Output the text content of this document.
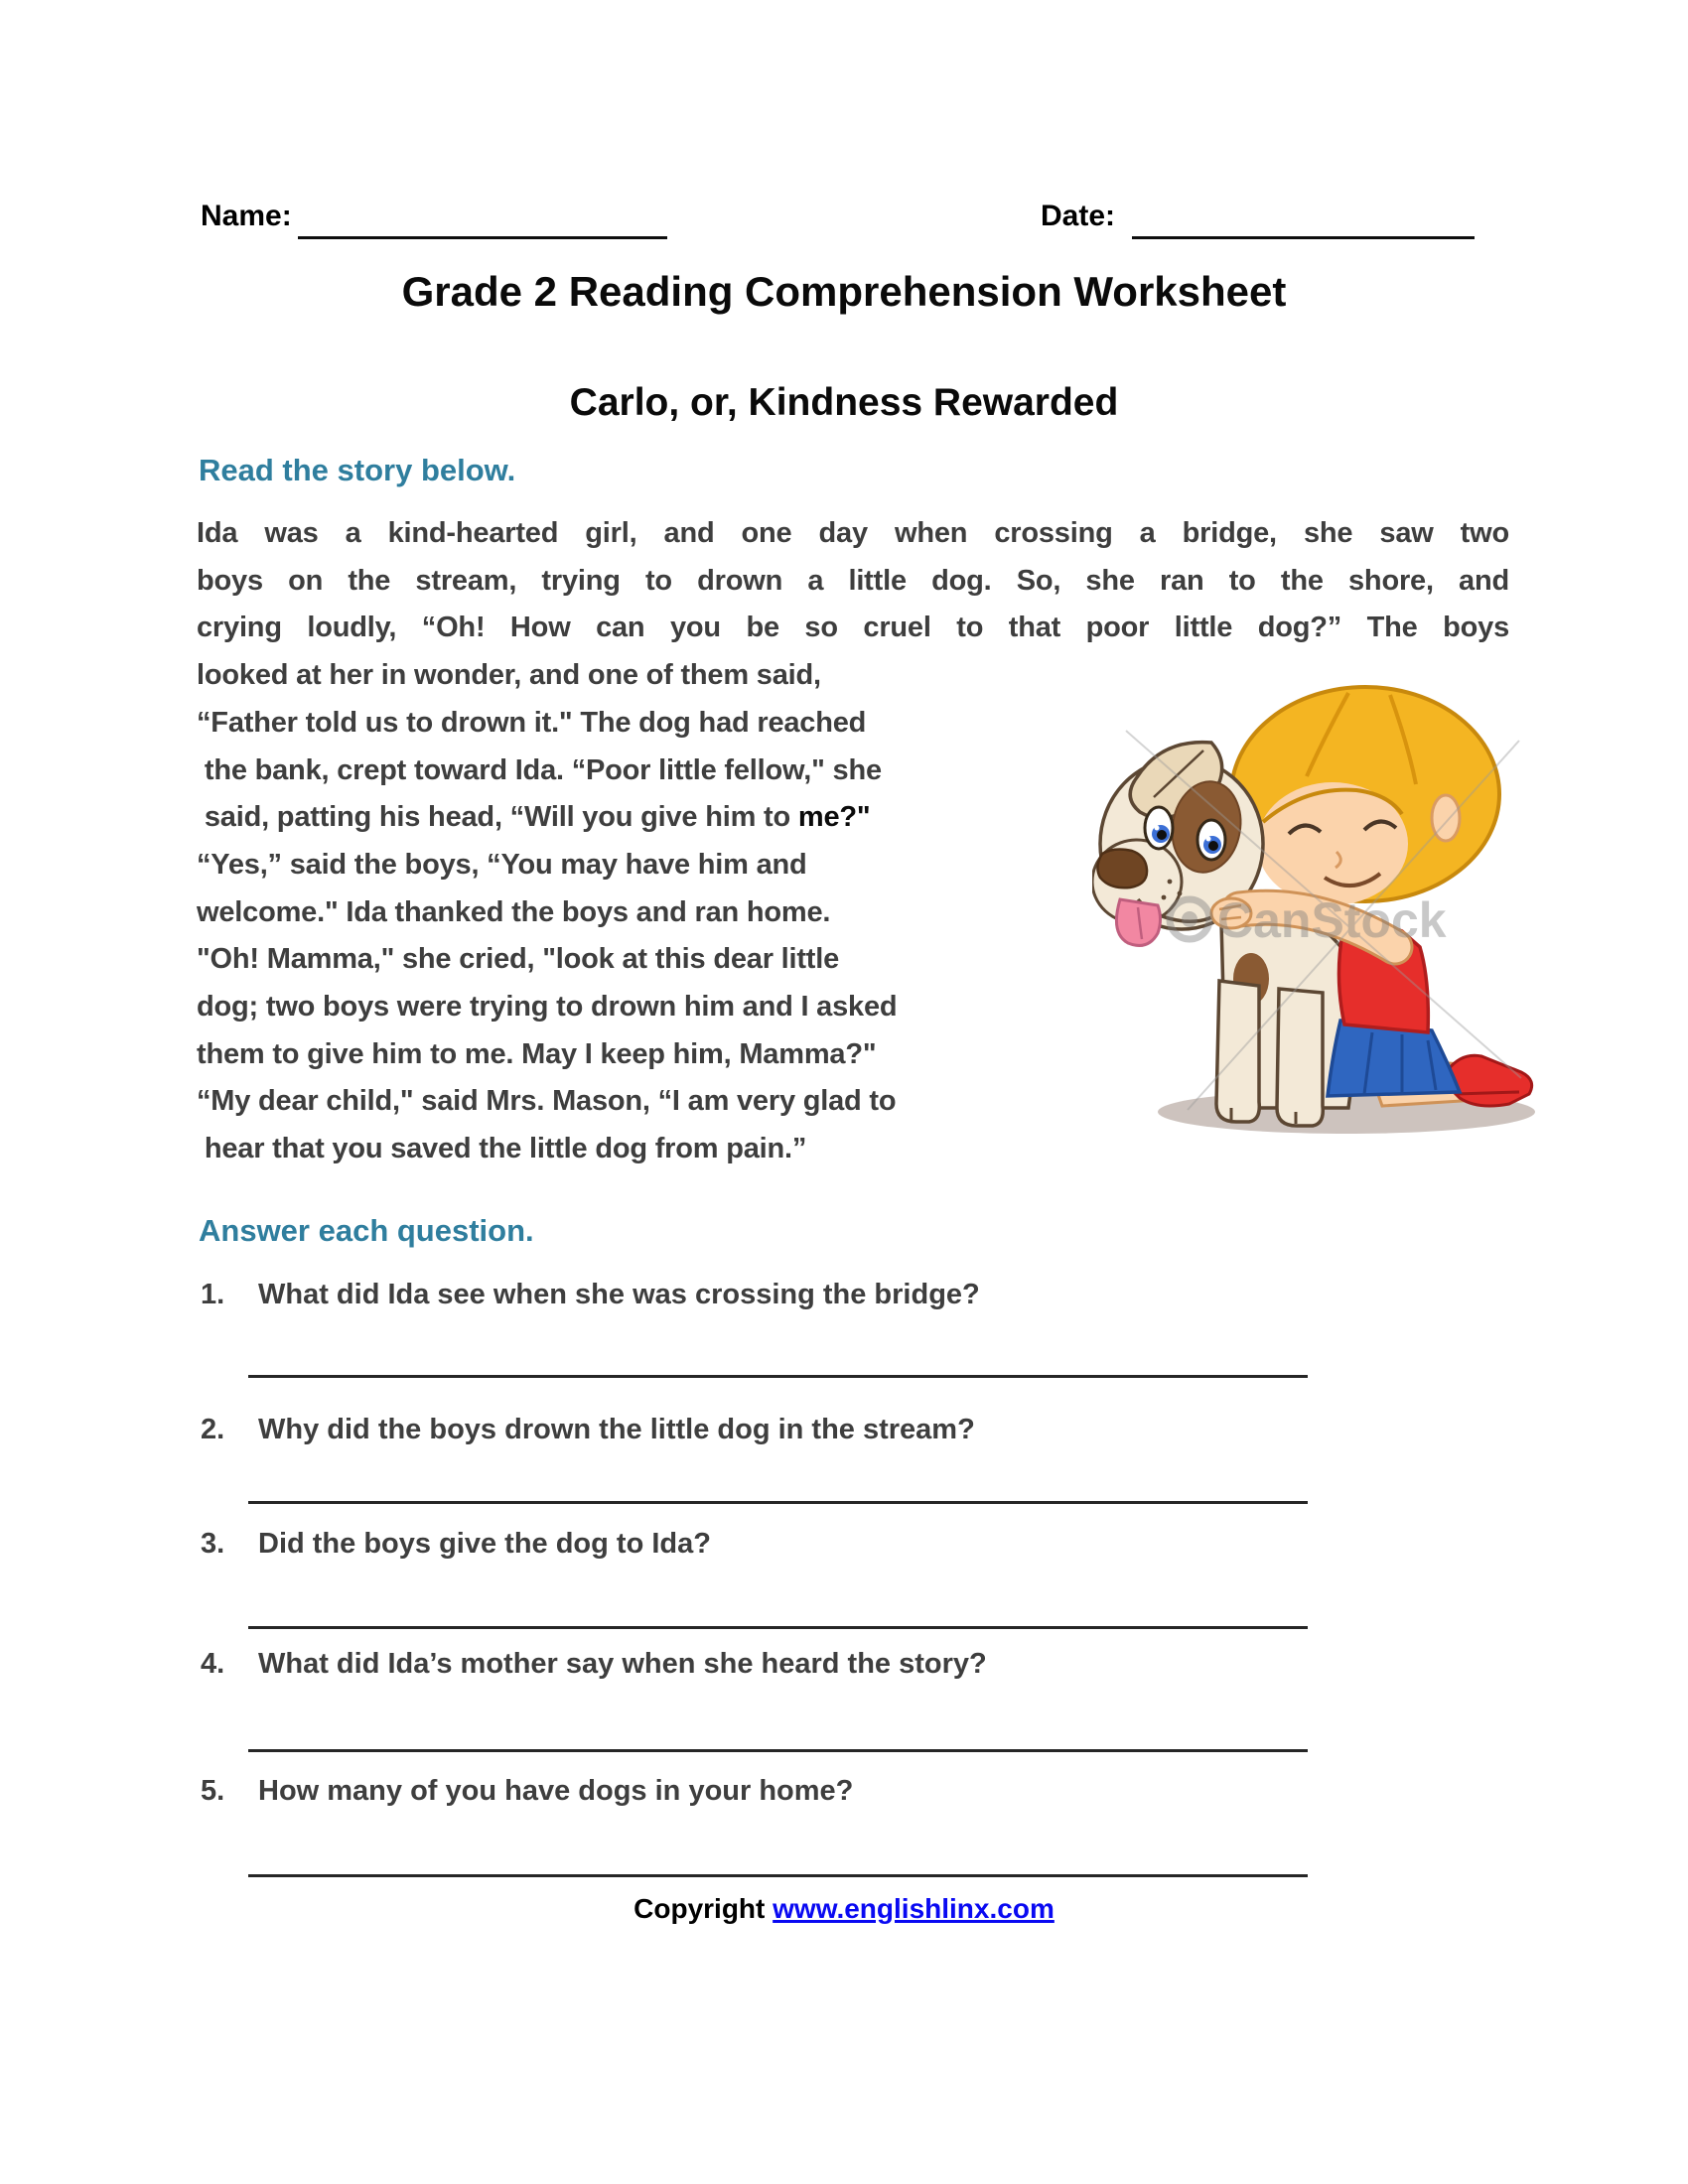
Name:	Date:
Grade 2 Reading Comprehension Worksheet
Carlo, or, Kindness Rewarded
Read the story below.
Ida was a kind-hearted girl, and one day when crossing a bridge, she saw two
boys on the stream, trying to drown a little dog. So, she ran to the shore, and
crying loudly, “Oh! How can you be so cruel to that poor little dog?” The boys
looked at her in wonder, and one of them said,
“Father told us to drown it." The dog had reached
the bank, crept toward Ida. “Poor little fellow," she
said, patting his head, “Will you give him to me?"
“Yes,” said the boys, “You may have him and
welcome." Ida thanked the boys and ran home.
"Oh! Mamma," she cried, "look at this dear little
dog; two boys were trying to drown him and I asked
them to give him to me. May I keep him, Mamma?"
“My dear child," said Mrs. Mason, “I am very glad to
hear that you saved the little dog from pain.”
CanStock
Answer each question.
1. What did Ida see when she was crossing the bridge?
2. Why did the boys drown the little dog in the stream?
3. Did the boys give the dog to Ida?
4. What did Ida’s mother say when she heard the story?
5. How many of you have dogs in your home?
Copyright www.englishlinx.com
